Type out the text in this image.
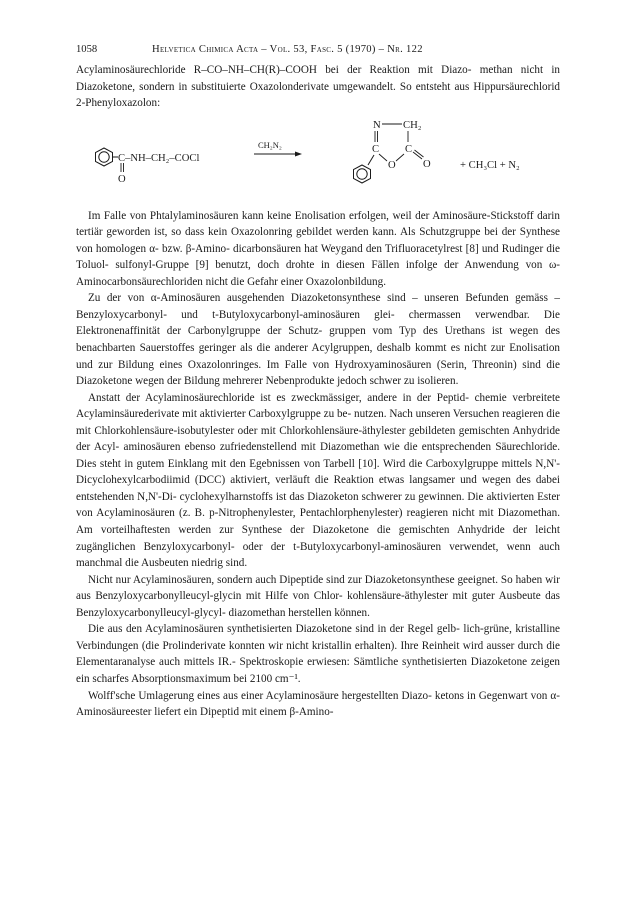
1058	Helvetica Chimica Acta – Vol. 53, Fasc. 5 (1970) – Nr. 122

Acylaminosäurechloride R–CO–NH–CH(R)–COOH bei der Reaktion mit Diazo- methan nicht in Diazoketone, sondern in substituierte Oxazolonderivate umgewandelt. So entsteht aus Hippursäurechlorid 2-Phenyloxazolon:

C–NH–CH₂–COCl
O
CH₂N₂
N CH₂
C C
O	O	+ CH₃Cl + N₂

Im Falle von Phtalylaminosäuren kann keine Enolisation erfolgen, weil der Aminosäure-Stickstoff darin tertiär geworden ist, so dass kein Oxazolonring gebildet werden kann. Als Schutzgruppe bei der Synthese von homologen α- bzw. β-Amino- dicarbonsäuren hat Weygand den Trifluoracetylrest [8] und Rudinger die Toluol- sulfonyl-Gruppe [9] benutzt, doch drohte in diesen Fällen infolge der Anwendung von ω-Aminocarbonsäurechloriden nicht die Gefahr einer Oxazolonbildung.

Zu der von α-Aminosäuren ausgehenden Diazoketonsynthese sind – unseren Befunden gemäss – Benzyloxycarbonyl- und t-Butyloxycarbonyl-aminosäuren glei- chermassen verwendbar. Die Elektronenaffinität der Carbonylgruppe der Schutz- gruppen vom Typ des Urethans ist wegen des benachbarten Sauerstoffes geringer als die anderer Acylgruppen, deshalb kommt es nicht zur Enolisation und zur Bildung eines Oxazolonringes. Im Falle von Hydroxyaminosäuren (Serin, Threonin) sind die Diazoketone wegen der Bildung mehrerer Nebenprodukte jedoch schwer zu isolieren.

Anstatt der Acylaminosäurechloride ist es zweckmässiger, andere in der Peptid- chemie verbreitete Acylaminsäurederivate mit aktivierter Carboxylgruppe zu be- nutzen. Nach unseren Versuchen reagieren die mit Chlorkohlensäure-isobutylester oder mit Chlorkohlensäure-äthylester gebildeten gemischten Anhydride der Acyl- aminosäuren ebenso zufriedenstellend mit Diazomethan wie die entsprechenden Säurechloride. Dies steht in gutem Einklang mit den Egebnissen von Tarbell [10]. Wird die Carboxylgruppe mittels N,N'-Dicyclohexylcarbodiimid (DCC) aktiviert, verläuft die Reaktion etwas langsamer und wegen des dabei entstehenden N,N'-Di- cyclohexylharnstoffs ist das Diazoketon schwerer zu gewinnen. Die aktivierten Ester von Acylaminosäuren (z. B. p-Nitrophenylester, Pentachlorphenylester) reagieren nicht mit Diazomethan. Am vorteilhaftesten werden zur Synthese der Diazoketone die gemischten Anhydride der leicht zugänglichen Benzyloxycarbonyl- oder der t-Butyloxycarbonyl-aminosäuren verwendet, wenn auch manchmal die Ausbeuten niedrig sind.

Nicht nur Acylaminosäuren, sondern auch Dipeptide sind zur Diazoketonsynthese geeignet. So haben wir aus Benzyloxycarbonylleucyl-glycin mit Hilfe von Chlor- kohlensäure-äthylester mit guter Ausbeute das Benzyloxycarbonylleucyl-glycyl- diazomethan herstellen können.

Die aus den Acylaminosäuren synthetisierten Diazoketone sind in der Regel gelb- lich-grüne, kristalline Verbindungen (die Prolinderivate konnten wir nicht kristallin erhalten). Ihre Reinheit wird ausser durch die Elementaranalyse auch mittels IR.- Spektroskopie erwiesen: Sämtliche synthetisierten Diazoketone zeigen ein scharfes Absorptionsmaximum bei 2100 cm⁻¹.

Wolff'sche Umlagerung eines aus einer Acylaminosäure hergestellten Diazo- ketons in Gegenwart von α-Aminosäureester liefert ein Dipeptid mit einem β-Amino-
